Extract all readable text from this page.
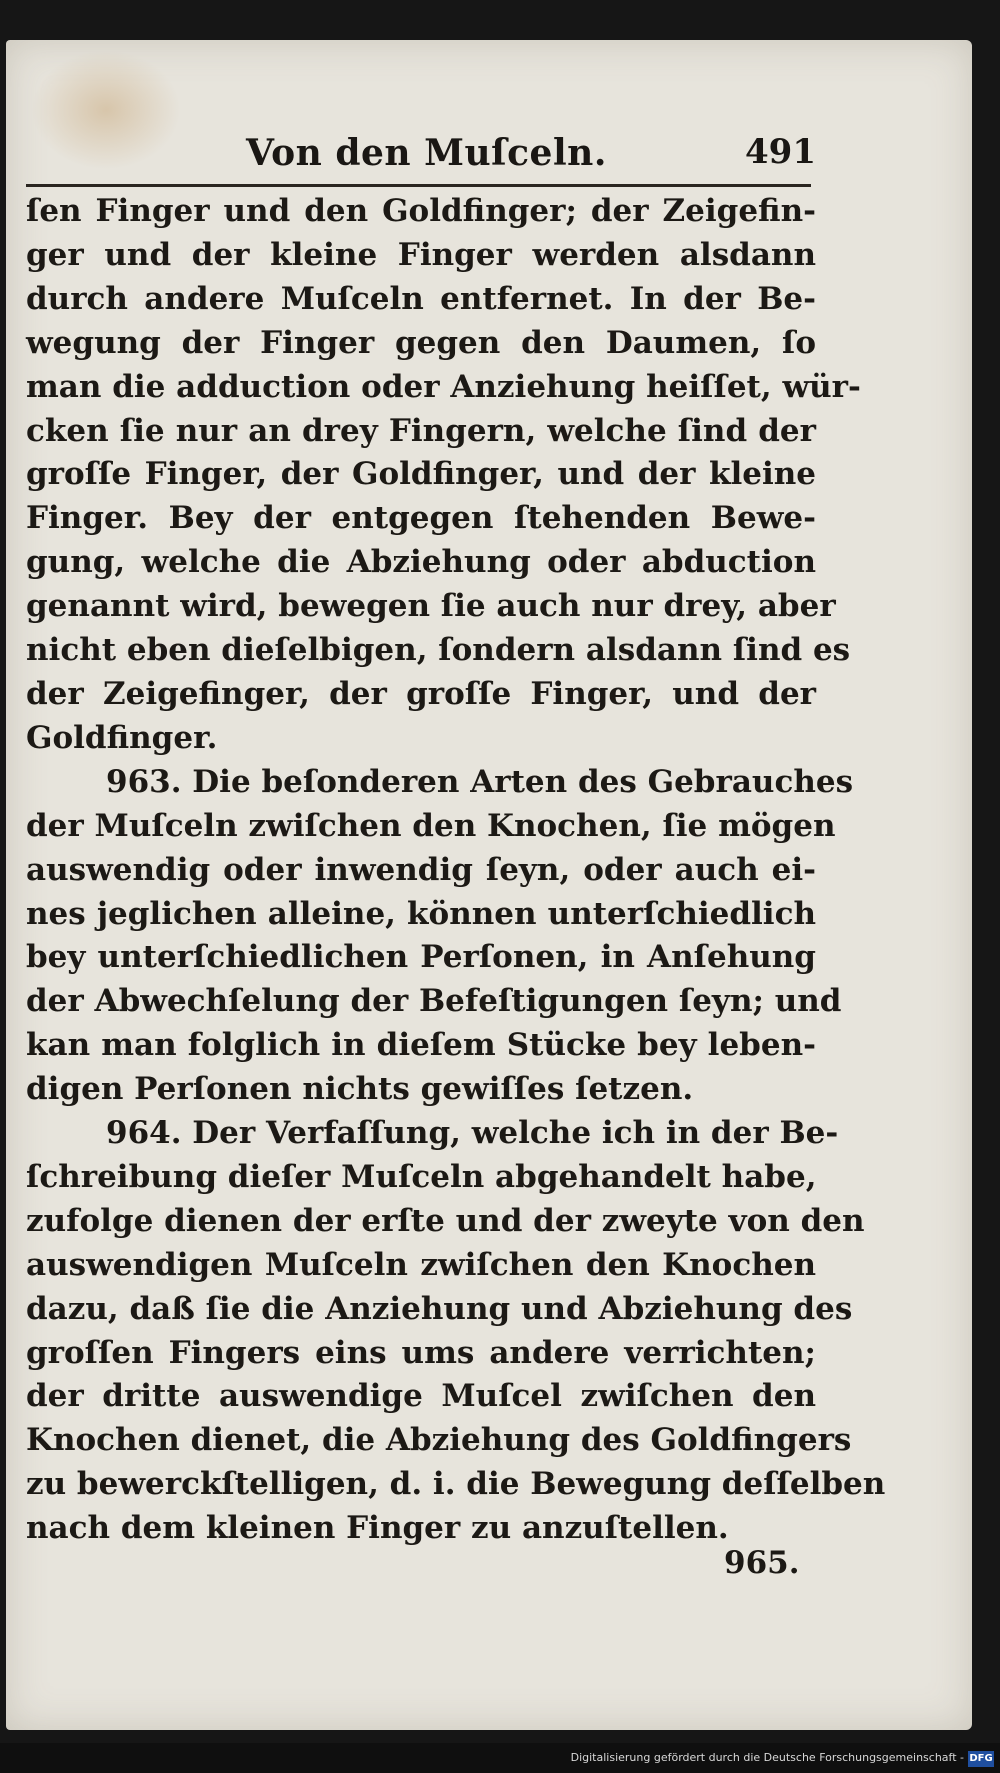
Von den Muſceln.	491
ſen Finger und den Goldfinger; der Zeigefin-
ger und der kleine Finger werden alsdann
durch andere Muſceln entfernet. In der Be-
wegung der Finger gegen den Daumen, ſo
man die adduction oder Anziehung heiſſet, wür-
cken ſie nur an drey Fingern, welche ſind der
groſſe Finger, der Goldfinger, und der kleine
Finger. Bey der entgegen ſtehenden Bewe-
gung, welche die Abziehung oder abduction
genannt wird, bewegen ſie auch nur drey, aber
nicht eben dieſelbigen, ſondern alsdann ſind es
der Zeigefinger, der groſſe Finger, und der
Goldfinger.
963. Die beſonderen Arten des Gebrauches
der Muſceln zwiſchen den Knochen, ſie mögen
auswendig oder inwendig ſeyn, oder auch ei-
nes jeglichen alleine, können unterſchiedlich
bey unterſchiedlichen Perſonen, in Anſehung
der Abwechſelung der Befeſtigungen ſeyn; und
kan man folglich in dieſem Stücke bey leben-
digen Perſonen nichts gewiſſes ſetzen.
964. Der Verfaſſung, welche ich in der Be-
ſchreibung dieſer Muſceln abgehandelt habe,
zufolge dienen der erſte und der zweyte von den
auswendigen Muſceln zwiſchen den Knochen
dazu, daß ſie die Anziehung und Abziehung des
groſſen Fingers eins ums andere verrichten;
der dritte auswendige Muſcel zwiſchen den
Knochen dienet, die Abziehung des Goldfingers
zu bewerckſtelligen, d. i. die Bewegung deſſelben
nach dem kleinen Finger zu anzuſtellen.
965.
Digitalisierung gefördert durch die Deutsche Forschungsgemeinschaft - DFG
